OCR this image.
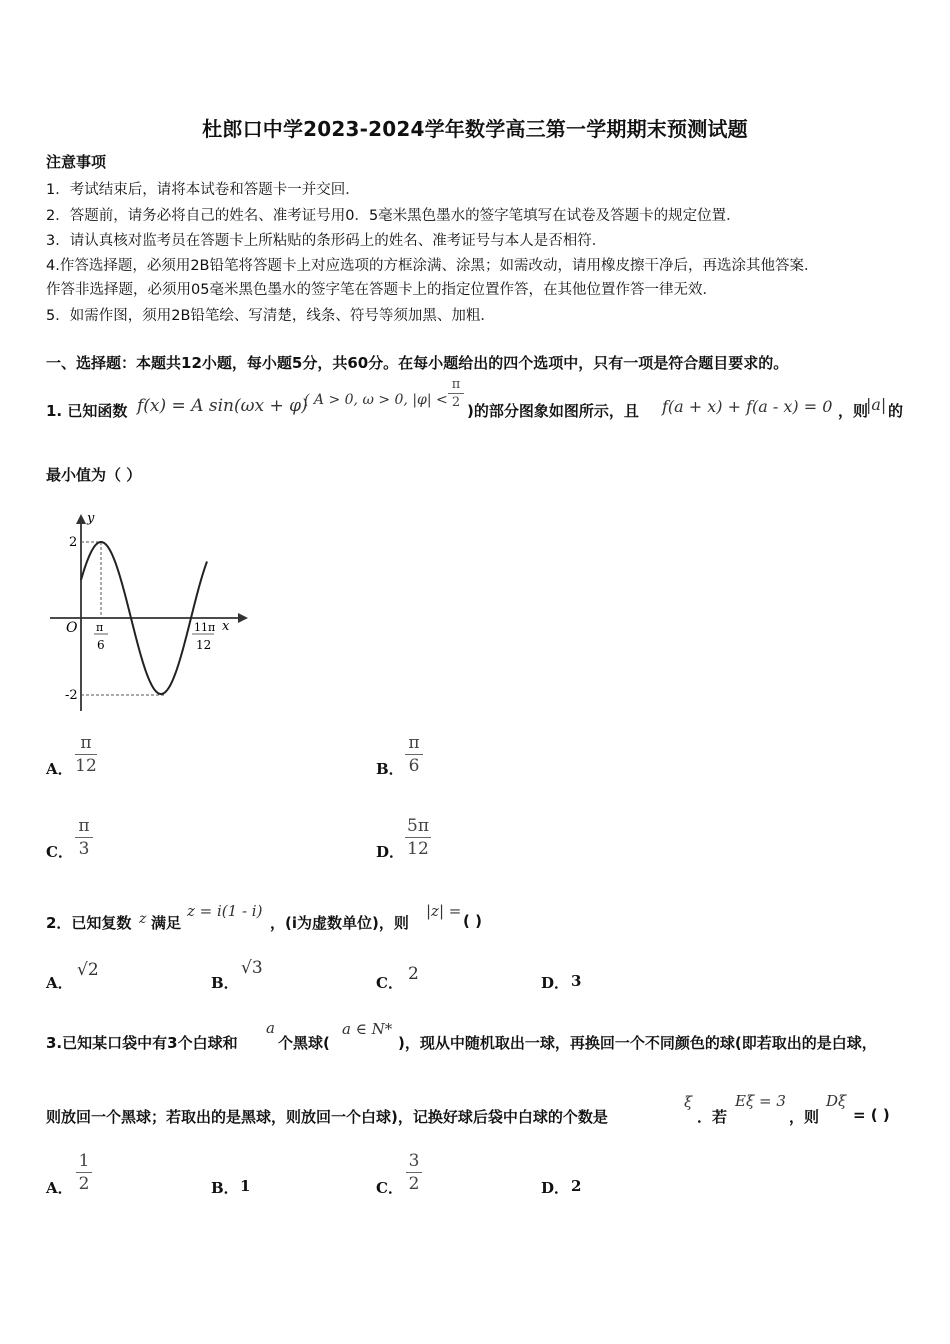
杜郎口中学2023-2024学年数学高三第一学期期末预测试题
注意事项
1．考试结束后，请将本试卷和答题卡一并交回．
2．答题前，请务必将自己的姓名、准考证号用0．5毫米黑色墨水的签字笔填写在试卷及答题卡的规定位置．
3．请认真核对监考员在答题卡上所粘贴的条形码上的姓名、准考证号与本人是否相符．
4.作答选择题，必须用2B铅笔将答题卡上对应选项的方框涂满、涂黑；如需改动，请用橡皮擦干净后，再选涂其他答案．
作答非选择题，必须用05毫米黑色墨水的签字笔在答题卡上的指定位置作答，在其他位置作答一律无效．
5．如需作图，须用2B铅笔绘、写清楚，线条、符号等须加黑、加粗．
一、选择题：本题共12小题，每小题5分，共60分。在每小题给出的四个选项中，只有一项是符合题目要求的。
1. 已知函数 f(x) = A sin(ωx + φ)
( A > 0, ω > 0, |φ| <
π
2 )的部分图象如图所示，且 f(a + x) + f(a - x) = 0 ，则
|a| 的
最小值为（ ）
y
x
O
2
-2
π
6
11π
12
A．
π
12	B．
π
6
C．
π
3	D．
5π
12
2．已知复数 z 满足
z = i(1 - i)
，(i为虚数单位)，则
|z| =
( )
A．
√2
B．
√3
C． 2	D． 3
3.已知某口袋中有3个白球和
a
个黑球(
a ∈ N*
)，现从中随机取出一球，再换回一个不同颜色的球(即若取出的是白球，
则放回一个黑球；若取出的是黑球，则放回一个白球)，记换好球后袋中白球的个数是
ξ
．若
Eξ = 3
，则
Dξ
= ( )
A．
1
2	B． 1	C．
3
2	D． 2
